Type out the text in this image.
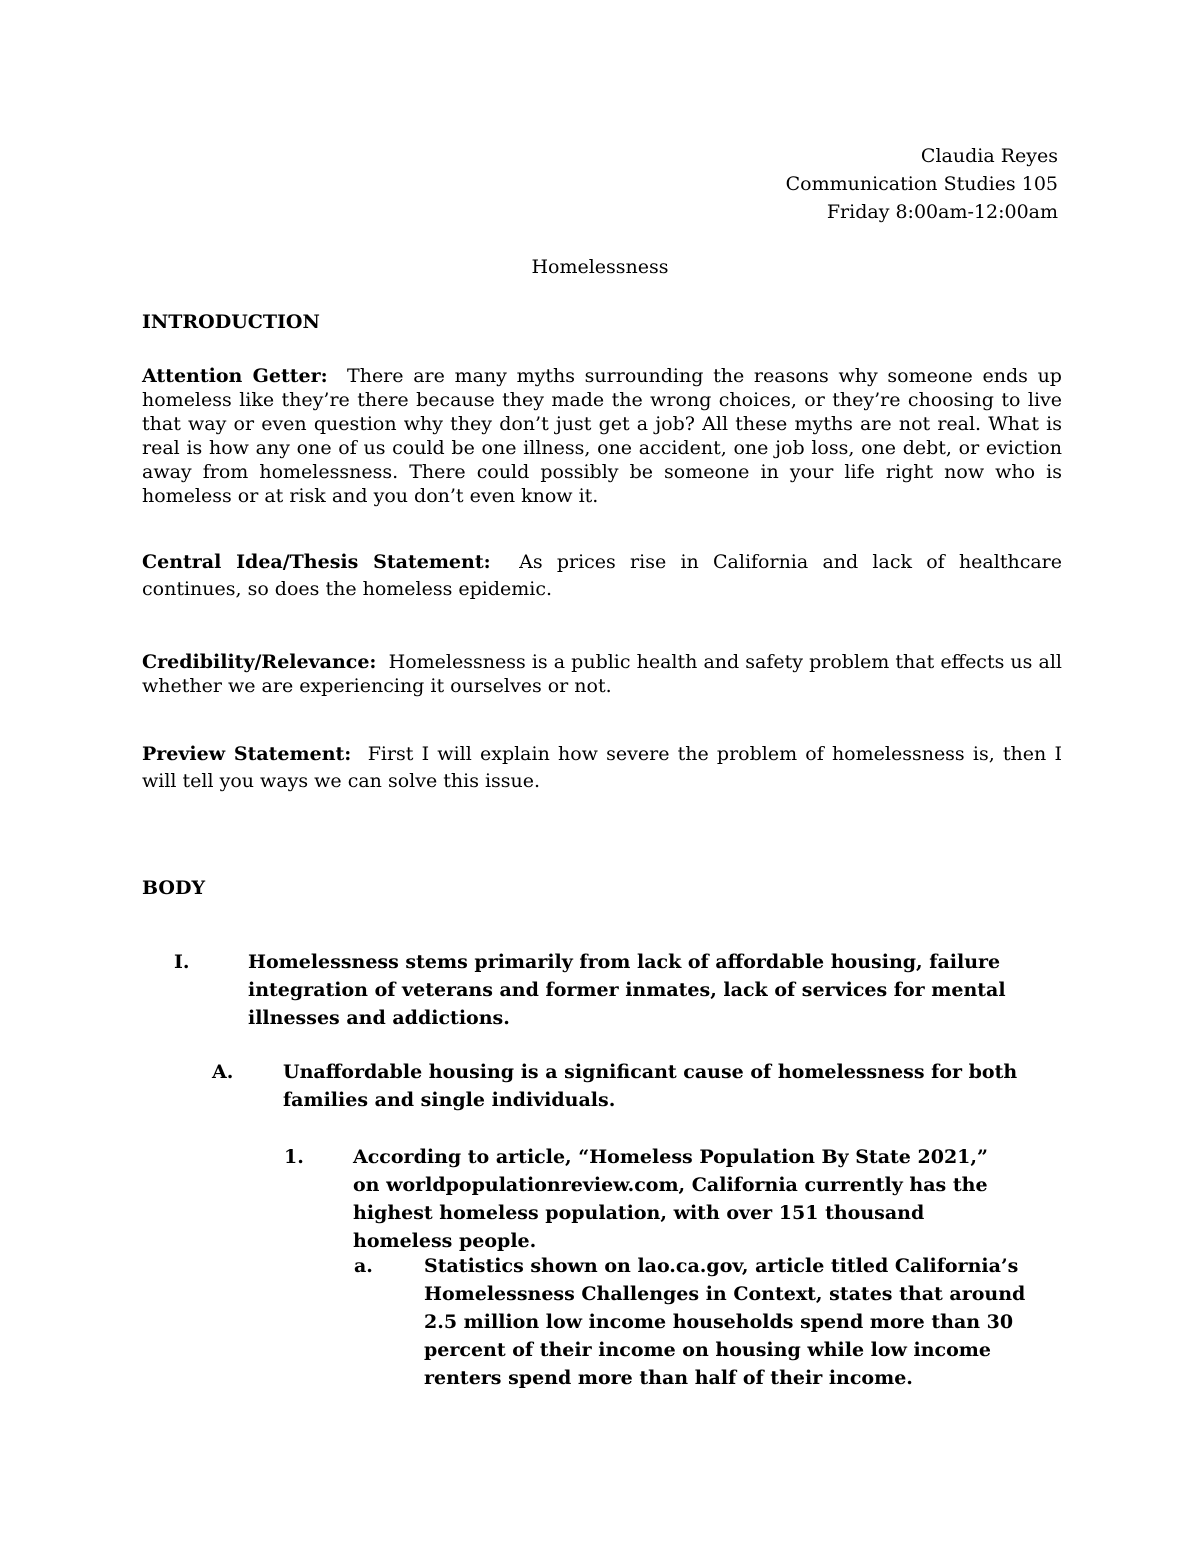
Claudia Reyes
Communication Studies 105
Friday 8:00am-12:00am
Homelessness
INTRODUCTION
Attention Getter: There are many myths surrounding the reasons why someone ends up homeless like they’re there because they made the wrong choices, or they’re choosing to live that way or even question why they don’t just get a job? All these myths are not real. What is real is how any one of us could be one illness, one accident, one job loss, one debt, or eviction away from homelessness. There could possibly be someone in your life right now who is homeless or at risk and you don’t even know it.
Central Idea/Thesis Statement: As prices rise in California and lack of healthcare continues, so does the homeless epidemic.
Credibility/Relevance: Homelessness is a public health and safety problem that effects us all whether we are experiencing it ourselves or not.
Preview Statement: First I will explain how severe the problem of homelessness is, then I will tell you ways we can solve this issue.
BODY
I.	Homelessness stems primarily from lack of affordable housing, failure integration of veterans and former inmates, lack of services for mental illnesses and addictions.
A.	Unaffordable housing is a significant cause of homelessness for both families and single individuals.
1.	According to article, “Homeless Population By State 2021,” on worldpopulationreview.com, California currently has the highest homeless population, with over 151 thousand homeless people.
a.	Statistics shown on lao.ca.gov, article titled California’s Homelessness Challenges in Context, states that around 2.5 million low income households spend more than 30 percent of their income on housing while low income renters spend more than half of their income.
